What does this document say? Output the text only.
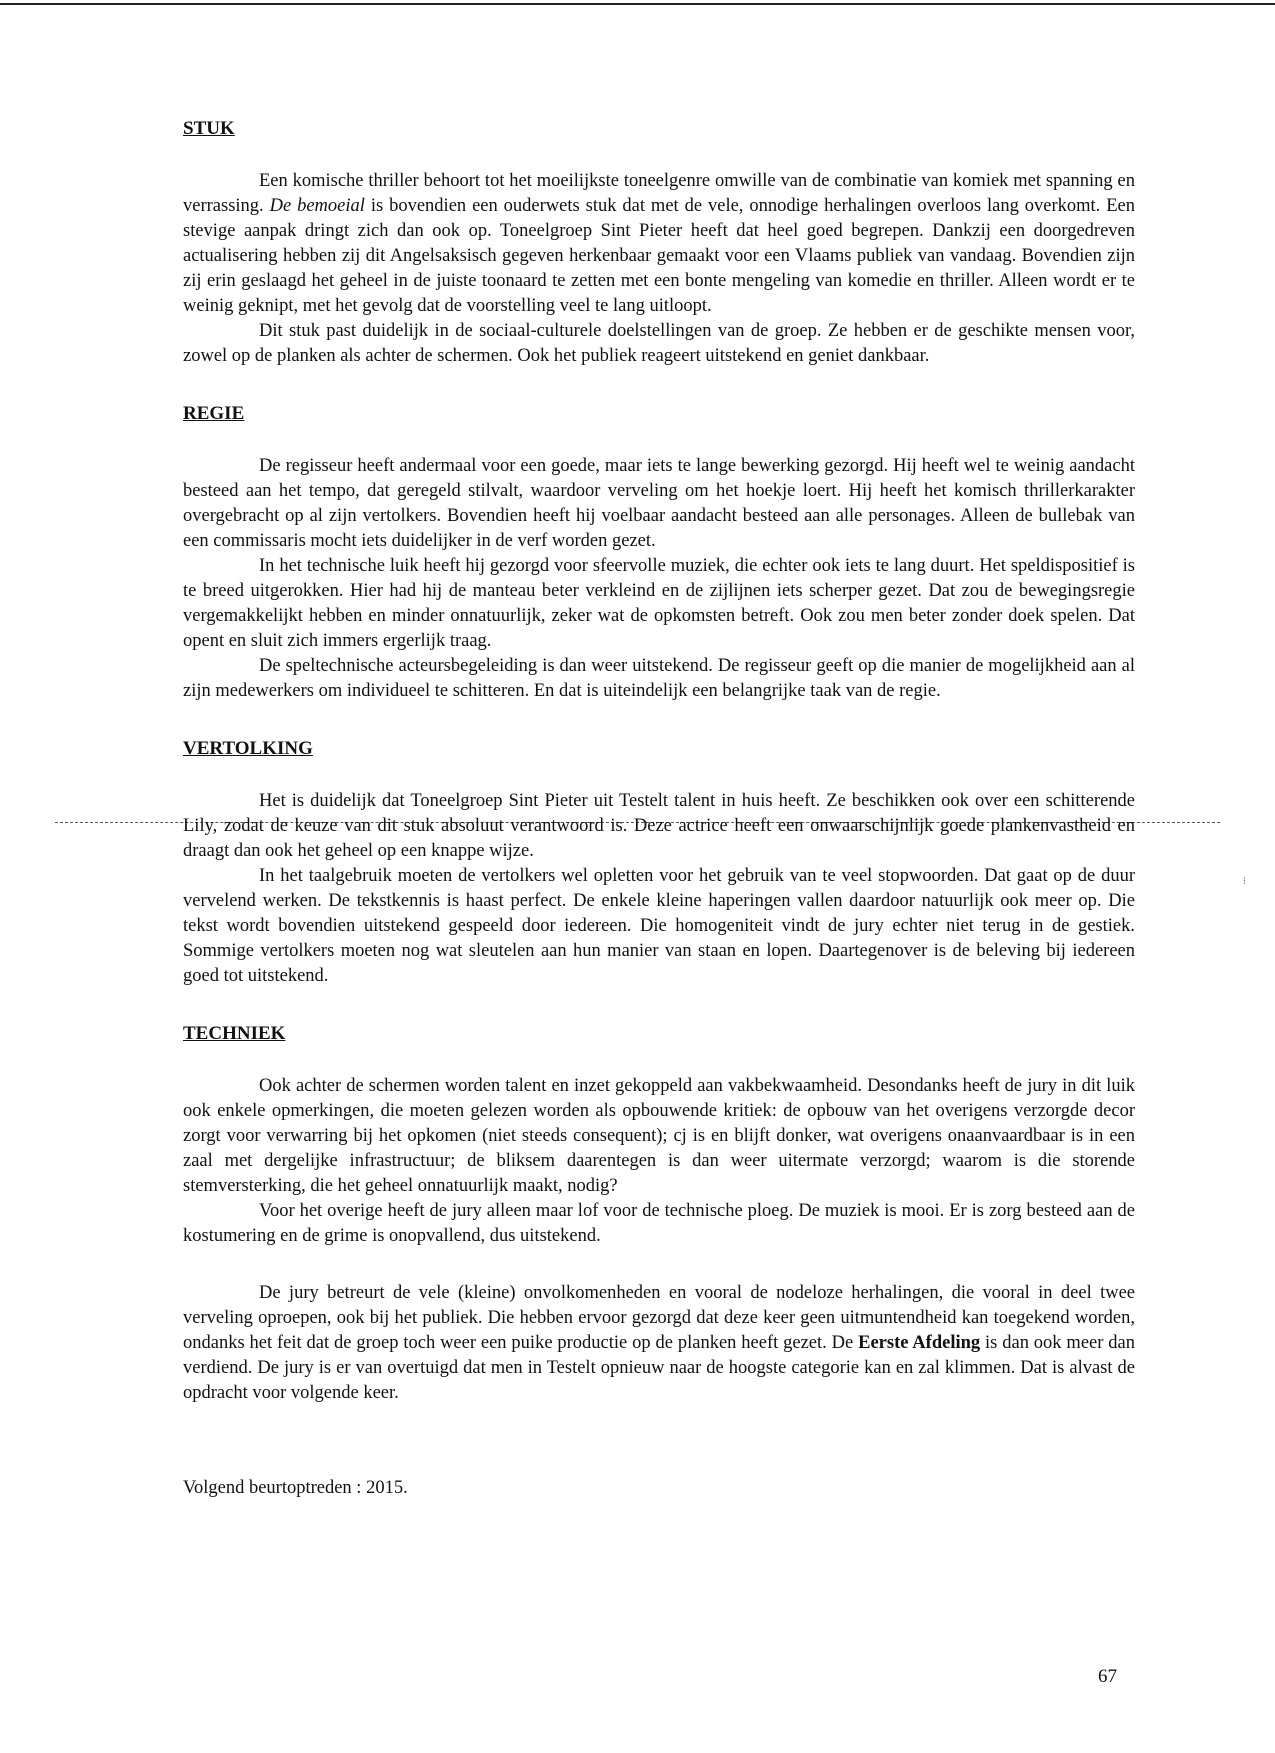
⁝
STUK

Een komische thriller behoort tot het moeilijkste toneelgenre omwille van de combinatie van komiek met spanning en verrassing. De bemoeial is bovendien een ouderwets stuk dat met de vele, onnodige herhalingen overloos lang overkomt. Een stevige aanpak dringt zich dan ook op. Toneelgroep Sint Pieter heeft dat heel goed begrepen. Dankzij een doorgedreven actualisering hebben zij dit Angelsaksisch gegeven herkenbaar gemaakt voor een Vlaams publiek van vandaag. Bovendien zijn zij erin geslaagd het geheel in de juiste toonaard te zetten met een bonte mengeling van komedie en thriller. Alleen wordt er te weinig geknipt, met het gevolg dat de voorstelling veel te lang uitloopt.

Dit stuk past duidelijk in de sociaal-culturele doelstellingen van de groep. Ze hebben er de geschikte mensen voor, zowel op de planken als achter de schermen. Ook het publiek reageert uitstekend en geniet dankbaar.

REGIE

De regisseur heeft andermaal voor een goede, maar iets te lange bewerking gezorgd. Hij heeft wel te weinig aandacht besteed aan het tempo, dat geregeld stilvalt, waardoor verveling om het hoekje loert. Hij heeft het komisch thrillerkarakter overgebracht op al zijn vertolkers. Bovendien heeft hij voelbaar aandacht besteed aan alle personages. Alleen de bullebak van een commissaris mocht iets duidelijker in de verf worden gezet.

In het technische luik heeft hij gezorgd voor sfeervolle muziek, die echter ook iets te lang duurt. Het speldispositief is te breed uitgerokken. Hier had hij de manteau beter verkleind en de zijlijnen iets scherper gezet. Dat zou de bewegingsregie vergemakkelijkt hebben en minder onnatuurlijk, zeker wat de opkomsten betreft. Ook zou men beter zonder doek spelen. Dat opent en sluit zich immers ergerlijk traag.

De speltechnische acteursbegeleiding is dan weer uitstekend. De regisseur geeft op die manier de mogelijkheid aan al zijn medewerkers om individueel te schitteren. En dat is uiteindelijk een belangrijke taak van de regie.

VERTOLKING

Het is duidelijk dat Toneelgroep Sint Pieter uit Testelt talent in huis heeft. Ze beschikken ook over een schitterende Lily, zodat de keuze van dit stuk absoluut verantwoord is. Deze actrice heeft een onwaarschijnlijk goede plankenvastheid en draagt dan ook het geheel op een knappe wijze.

In het taalgebruik moeten de vertolkers wel opletten voor het gebruik van te veel stopwoorden. Dat gaat op de duur vervelend werken. De tekstkennis is haast perfect. De enkele kleine haperingen vallen daardoor natuurlijk ook meer op. Die tekst wordt bovendien uitstekend gespeeld door iedereen. Die homogeniteit vindt de jury echter niet terug in de gestiek. Sommige vertolkers moeten nog wat sleutelen aan hun manier van staan en lopen. Daartegenover is de beleving bij iedereen goed tot uitstekend.

TECHNIEK

Ook achter de schermen worden talent en inzet gekoppeld aan vakbekwaamheid. Desondanks heeft de jury in dit luik ook enkele opmerkingen, die moeten gelezen worden als opbouwende kritiek: de opbouw van het overigens verzorgde decor zorgt voor verwarring bij het opkomen (niet steeds consequent); cj is en blijft donker, wat overigens onaanvaardbaar is in een zaal met dergelijke infrastructuur; de bliksem daarentegen is dan weer uitermate verzorgd; waarom is die storende stemversterking, die het geheel onnatuurlijk maakt, nodig?

Voor het overige heeft de jury alleen maar lof voor de technische ploeg. De muziek is mooi. Er is zorg besteed aan de kostumering en de grime is onopvallend, dus uitstekend.

De jury betreurt de vele (kleine) onvolkomenheden en vooral de nodeloze herhalingen, die vooral in deel twee verveling oproepen, ook bij het publiek. Die hebben ervoor gezorgd dat deze keer geen uitmuntendheid kan toegekend worden, ondanks het feit dat de groep toch weer een puike productie op de planken heeft gezet. De Eerste Afdeling is dan ook meer dan verdiend. De jury is er van overtuigd dat men in Testelt opnieuw naar de hoogste categorie kan en zal klimmen. Dat is alvast de opdracht voor volgende keer.

Volgend beurtoptreden : 2015.

67
